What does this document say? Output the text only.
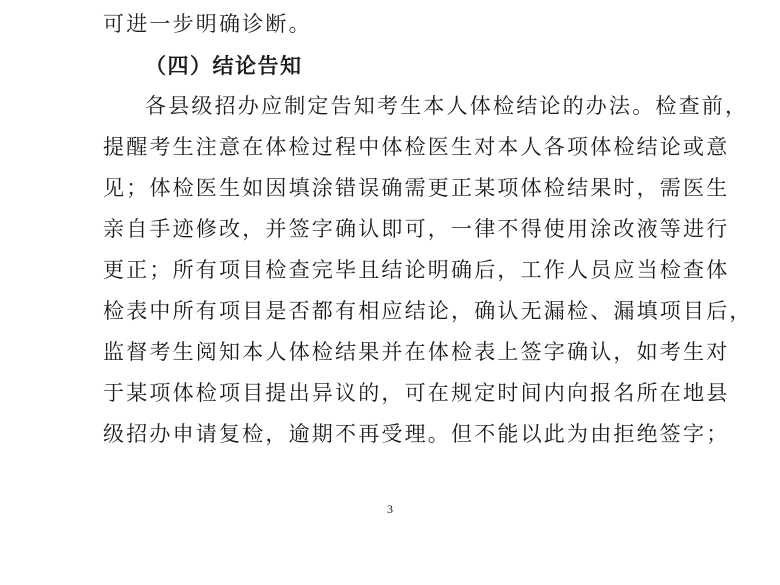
可进一步明确诊断。
（四）结论告知
各县级招办应制定告知考生本人体检结论的办法。检查前，
提醒考生注意在体检过程中体检医生对本人各项体检结论或意
见；体检医生如因填涂错误确需更正某项体检结果时，需医生
亲自手迹修改，并签字确认即可，一律不得使用涂改液等进行
更正；所有项目检查完毕且结论明确后，工作人员应当检查体
检表中所有项目是否都有相应结论，确认无漏检、漏填项目后，
监督考生阅知本人体检结果并在体检表上签字确认，如考生对
于某项体检项目提出异议的，可在规定时间内向报名所在地县
级招办申请复检，逾期不再受理。但不能以此为由拒绝签字；
3
